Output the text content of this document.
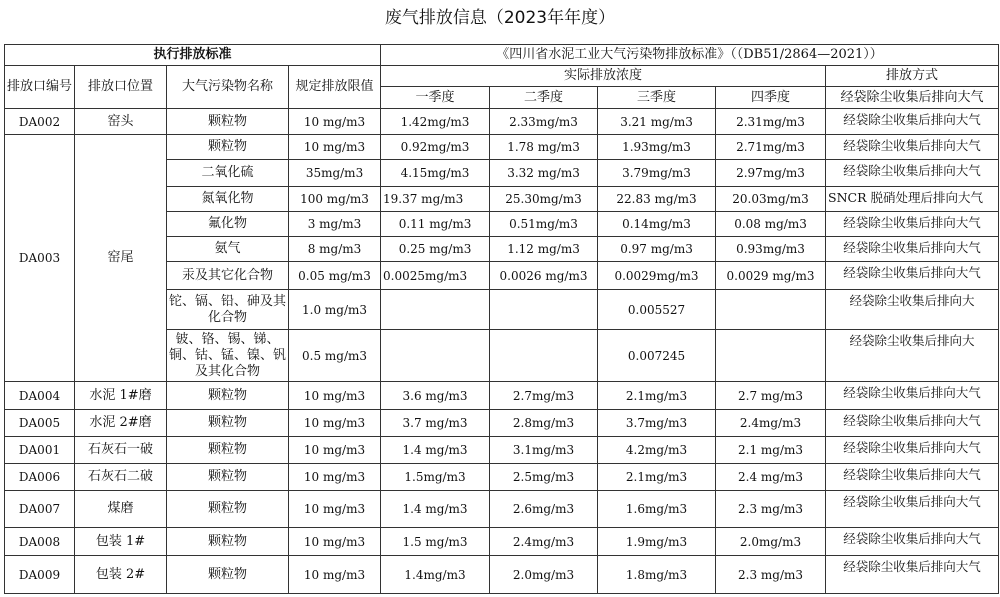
废气排放信息（2023年年度）
执行排放标准				《四川省水泥工业大气污染物排放标准》（（DB51/2864—2021））				
排放口编号	排放口位置	大气污染物名称	规定排放限值	实际排放浓度				排放方式
				一季度	二季度	三季度	四季度	经袋除尘收集后排向大气
DA002	窑头	颗粒物	10 mg/m3	1.42mg/m3	2.33mg/m3	3.21 mg/m3	2.31mg/m3	经袋除尘收集后排向大气
DA003	窑尾	颗粒物	10 mg/m3	0.92mg/m3	1.78 mg/m3	1.93mg/m3	2.71mg/m3	经袋除尘收集后排向大气
		二氧化硫	35mg/m3	4.15mg/m3	3.32 mg/m3	3.79mg/m3	2.97mg/m3	经袋除尘收集后排向大气
		氮氧化物	100 mg/m3	19.37 mg/m3	25.30mg/m3	22.83 mg/m3	20.03mg/m3	SNCR 脱硝处理后排向大气
		氟化物	3 mg/m3	0.11 mg/m3	0.51mg/m3	0.14mg/m3	0.08 mg/m3	经袋除尘收集后排向大气
		氨气	8 mg/m3	0.25 mg/m3	1.12 mg/m3	0.97 mg/m3	0.93mg/m3	经袋除尘收集后排向大气
		汞及其它化合物	0.05 mg/m3	0.0025mg/m3	0.0026 mg/m3	0.0029mg/m3	0.0029 mg/m3	经袋除尘收集后排向大气
		铊、镉、铅、砷及其化合物	1.0 mg/m3			0.005527		经袋除尘收集后排向大
		铍、铬、锡、锑、铜、钴、锰、镍、钒及其化合物	0.5 mg/m3			0.007245		经袋除尘收集后排向大
DA004	水泥 1#磨	颗粒物	10 mg/m3	3.6 mg/m3	2.7mg/m3	2.1mg/m3	2.7 mg/m3	经袋除尘收集后排向大气
DA005	水泥 2#磨	颗粒物	10 mg/m3	3.7 mg/m3	2.8mg/m3	3.7mg/m3	2.4mg/m3	经袋除尘收集后排向大气
DA001	石灰石一破	颗粒物	10 mg/m3	1.4 mg/m3	3.1mg/m3	4.2mg/m3	2.1 mg/m3	经袋除尘收集后排向大气
DA006	石灰石二破	颗粒物	10 mg/m3	1.5mg/m3	2.5mg/m3	2.1mg/m3	2.4 mg/m3	经袋除尘收集后排向大气
DA007	煤磨	颗粒物	10 mg/m3	1.4 mg/m3	2.6mg/m3	1.6mg/m3	2.3 mg/m3	经袋除尘收集后排向大气
DA008	包装 1#	颗粒物	10 mg/m3	1.5 mg/m3	2.4mg/m3	1.9mg/m3	2.0mg/m3	经袋除尘收集后排向大气
DA009	包装 2#	颗粒物	10 mg/m3	1.4mg/m3	2.0mg/m3	1.8mg/m3	2.3 mg/m3	经袋除尘收集后排向大气
